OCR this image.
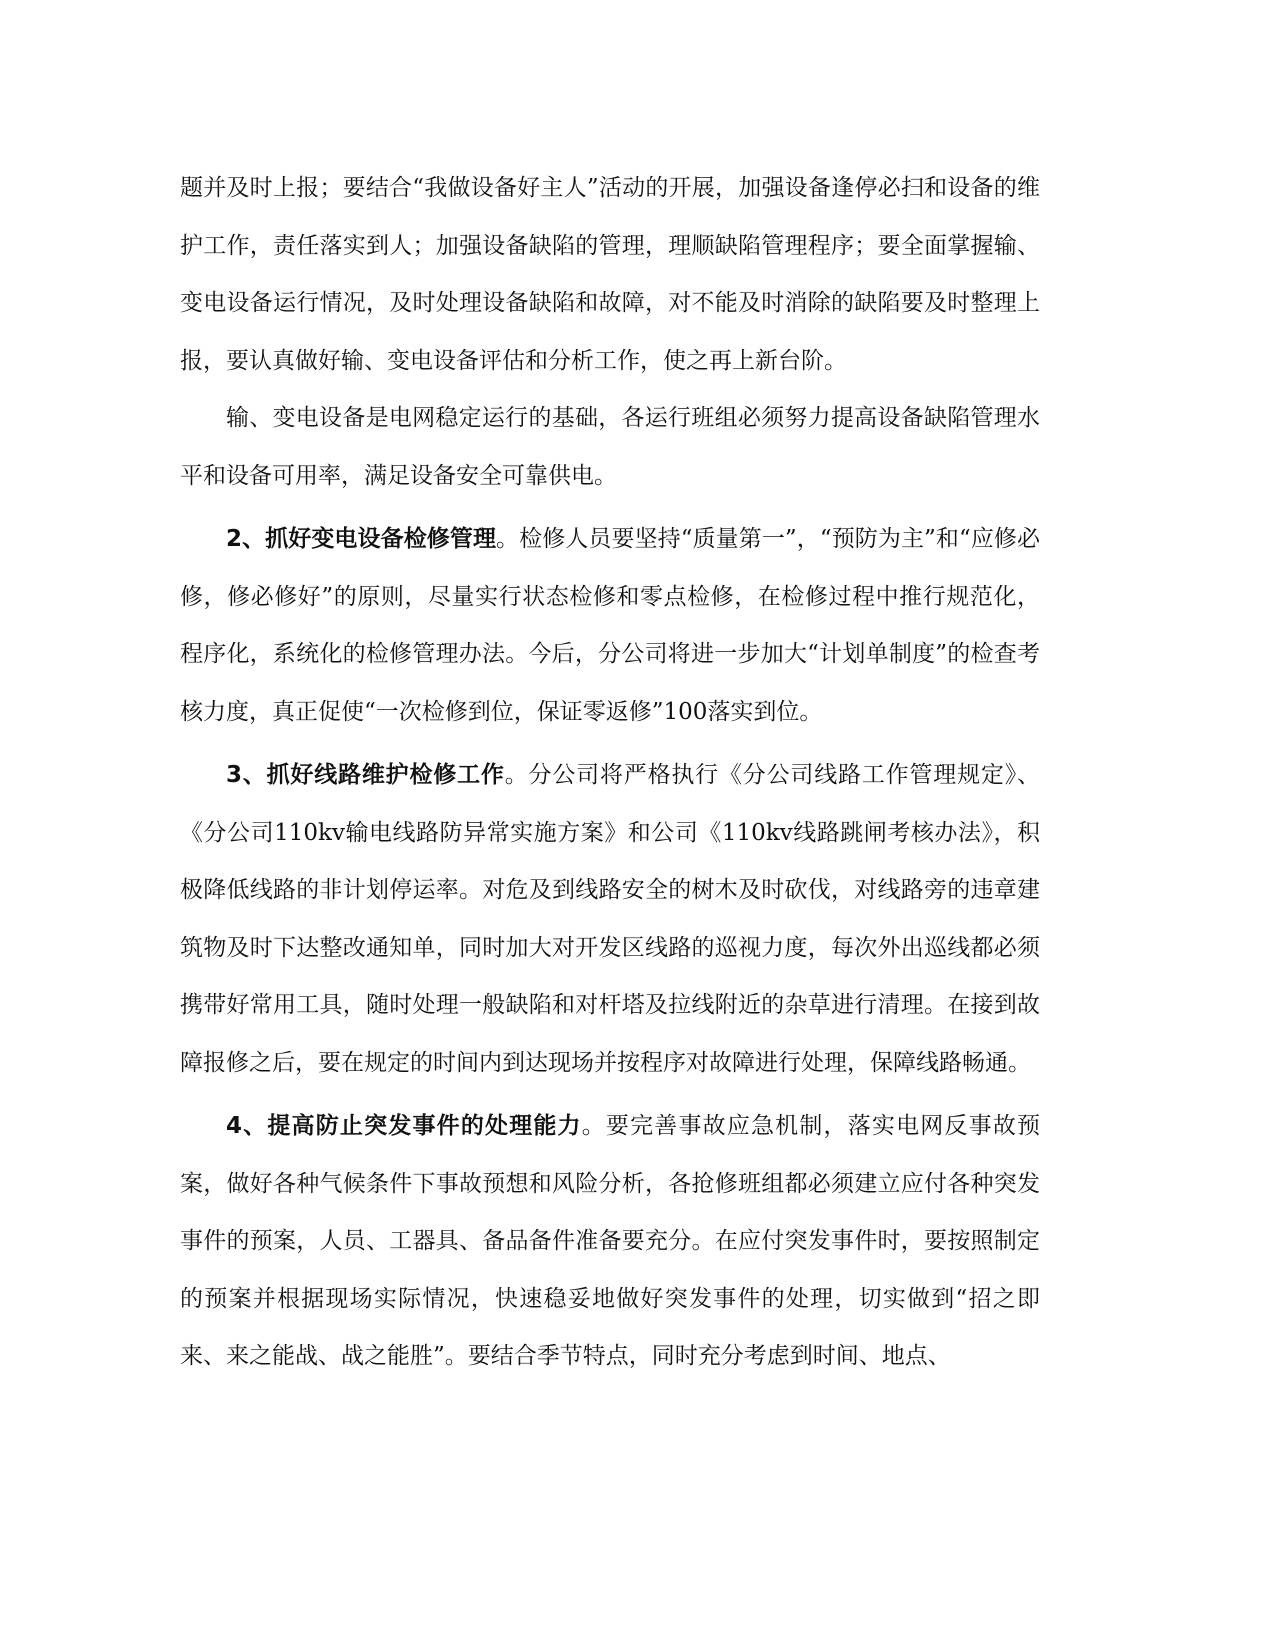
题并及时上报；要结合“我做设备好主人”活动的开展，加强设备逢停必扫和设备的维护工作，责任落实到人；加强设备缺陷的管理，理顺缺陷管理程序；要全面掌握输、变电设备运行情况，及时处理设备缺陷和故障，对不能及时消除的缺陷要及时整理上报，要认真做好输、变电设备评估和分析工作，使之再上新台阶。

输、变电设备是电网稳定运行的基础，各运行班组必须努力提高设备缺陷管理水平和设备可用率，满足设备安全可靠供电。

2、抓好变电设备检修管理。检修人员要坚持“质量第一”，“预防为主”和“应修必修，修必修好”的原则，尽量实行状态检修和零点检修，在检修过程中推行规范化，程序化，系统化的检修管理办法。今后，分公司将进一步加大“计划单制度”的检查考核力度，真正促使“一次检修到位，保证零返修”100落实到位。

3、抓好线路维护检修工作。分公司将严格执行《分公司线路工作管理规定》、《分公司110kv输电线路防异常实施方案》和公司《110kv线路跳闸考核办法》，积极降低线路的非计划停运率。对危及到线路安全的树木及时砍伐，对线路旁的违章建筑物及时下达整改通知单，同时加大对开发区线路的巡视力度，每次外出巡线都必须携带好常用工具，随时处理一般缺陷和对杆塔及拉线附近的杂草进行清理。在接到故障报修之后，要在规定的时间内到达现场并按程序对故障进行处理，保障线路畅通。

4、提高防止突发事件的处理能力。要完善事故应急机制，落实电网反事故预案，做好各种气候条件下事故预想和风险分析，各抢修班组都必须建立应付各种突发事件的预案，人员、工器具、备品备件准备要充分。在应付突发事件时，要按照制定的预案并根据现场实际情况，快速稳妥地做好突发事件的处理，切实做到“招之即来、来之能战、战之能胜”。要结合季节特点，同时充分考虑到时间、地点、
